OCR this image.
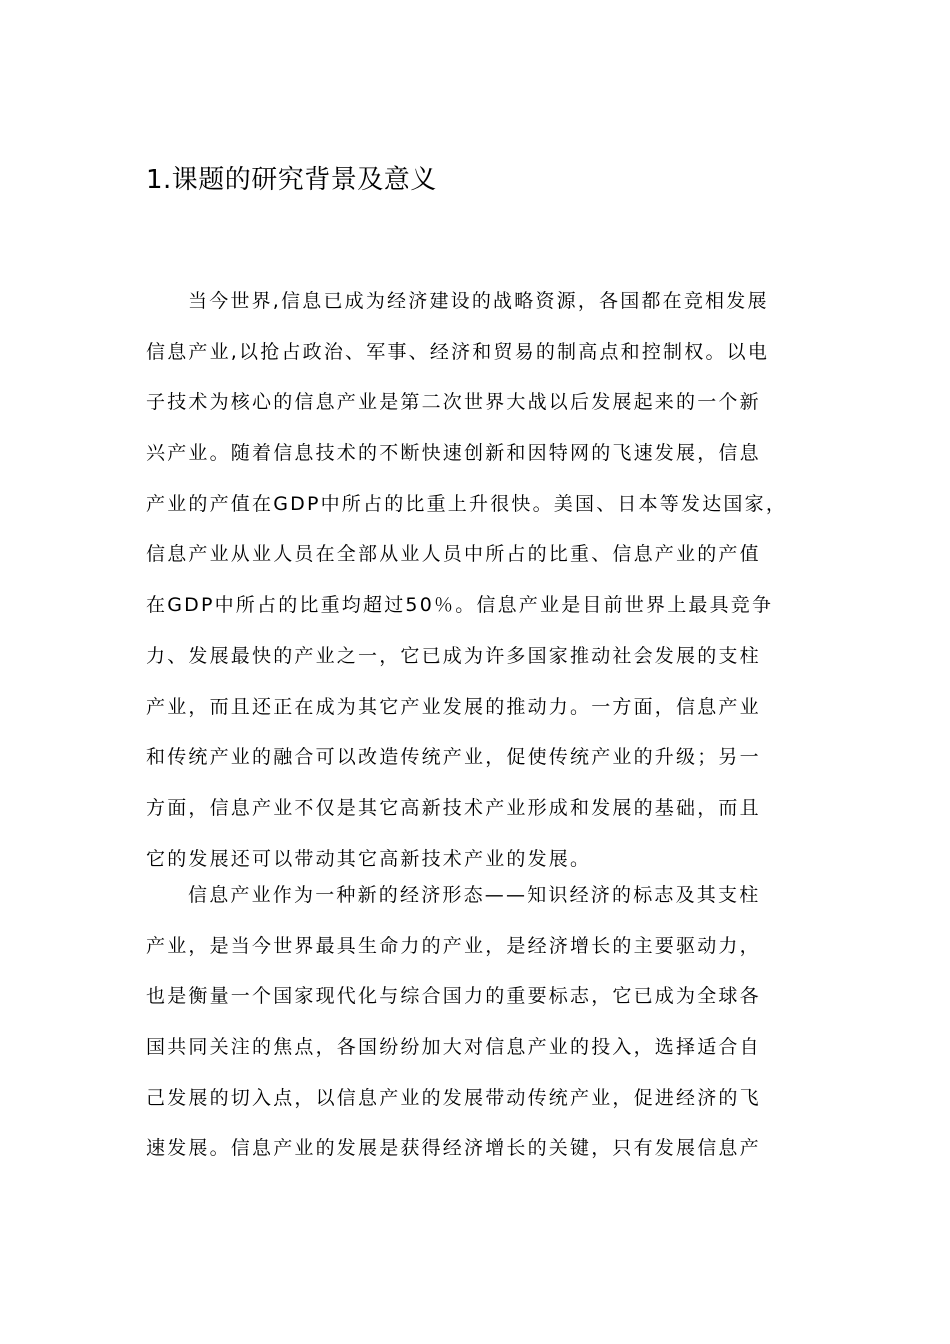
1.课题的研究背景及意义
当今世界,信息已成为经济建设的战略资源，各国都在竞相发展
信息产业,以抢占政治、军事、经济和贸易的制高点和控制权。以电
子技术为核心的信息产业是第二次世界大战以后发展起来的一个新
兴产业。随着信息技术的不断快速创新和因特网的飞速发展，信息
产业的产值在GDP中所占的比重上升很快。美国、日本等发达国家，
信息产业从业人员在全部从业人员中所占的比重、信息产业的产值
在GDP中所占的比重均超过50％。信息产业是目前世界上最具竞争
力、发展最快的产业之一，它已成为许多国家推动社会发展的支柱
产业，而且还正在成为其它产业发展的推动力。一方面，信息产业
和传统产业的融合可以改造传统产业，促使传统产业的升级；另一
方面，信息产业不仅是其它高新技术产业形成和发展的基础，而且
它的发展还可以带动其它高新技术产业的发展。
信息产业作为一种新的经济形态——知识经济的标志及其支柱
产业，是当今世界最具生命力的产业，是经济增长的主要驱动力，
也是衡量一个国家现代化与综合国力的重要标志，它已成为全球各
国共同关注的焦点，各国纷纷加大对信息产业的投入，选择适合自
己发展的切入点，以信息产业的发展带动传统产业，促进经济的飞
速发展。信息产业的发展是获得经济增长的关键，只有发展信息产
